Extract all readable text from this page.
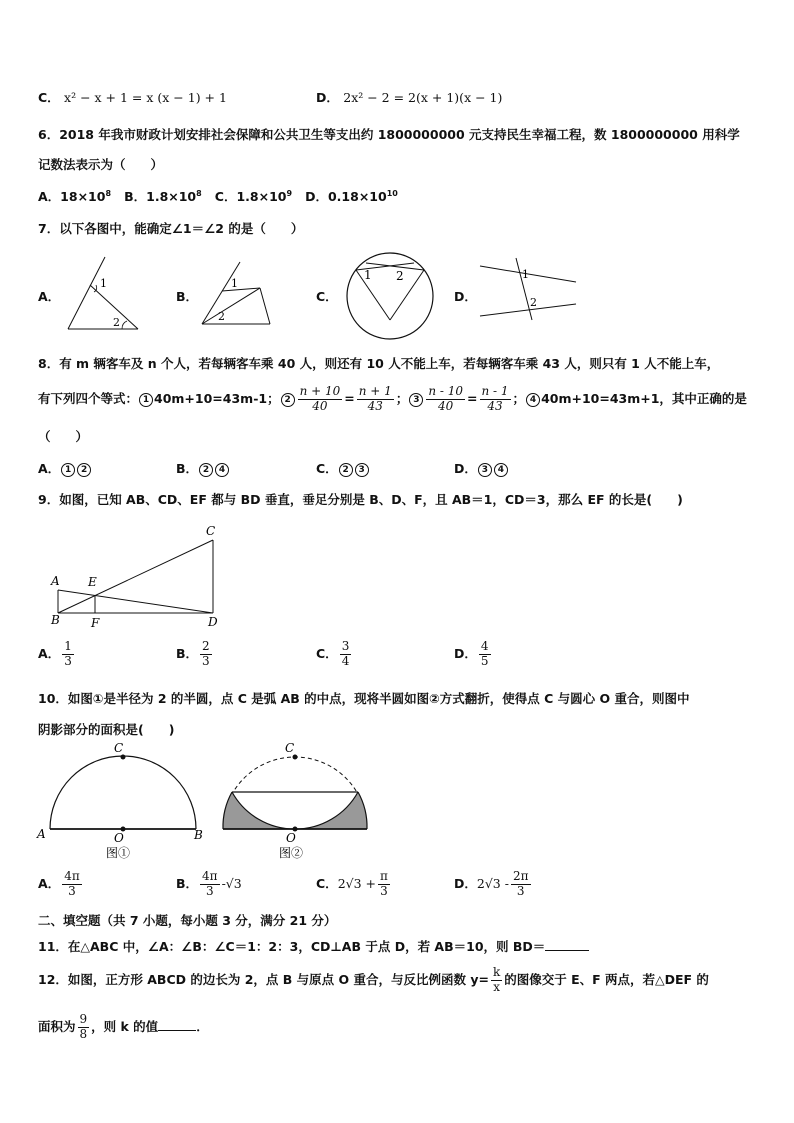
C． x² − x + 1 = x (x − 1) + 1	D． 2x² − 2 = 2(x + 1)(x − 1)
6．2018 年我市财政计划安排社会保障和公共卫生等支出约 1800000000 元支持民生幸福工程，数 1800000000 用科学
记数法表示为（　　）
A．$18\times 10^8$ B．$1.8\times 10^8$ C．$1.8\times 10^9$ D．$0.18\times 10^{10}$
7．以下各图中，能确定∠1＝∠2 的是（　　）
A．	B．	C．	D．
1
2
1
2
1 2	1
2
8．有 m 辆客车及 n 个人，若每辆客车乘 40 人，则还有 10 人不能上车，若每辆客车乘 43 人，则只有 1 人不能上车，
有下列四个等式： 1 40m+10=43m-1； $2 \frac{n + 10}{40} = \frac{n + 1}{43}$ ； $3 \frac{n - 10}{40} = \frac{n - 1}{43}$ ； 4 40m+10=43m+1，其中正确的是
（　　）
A． 1 2	B． 2 4	C． 2 3	D． 3 4
9．如图，已知 AB、CD、EF 都与 BD 垂直，垂足分别是 B、D、F，且 AB＝1，CD＝3，那么 EF 的长是(　　)
A
B
C
D
E
F
A． $\frac{1}{3}$	B． $\frac{2}{3}$	C． $\frac{3}{4}$	D． $\frac{4}{5}$
10．如图①是半径为 2 的半圆，点 C 是弧 AB 的中点，现将半圆如图②方式翻折，使得点 C 与圆心 O 重合，则图中
阴影部分的面积是(　　)
C
A	B
O
图①
C
O
图②
A． $\frac{4\pi}{3}$	B． $\frac{4\pi}{3} -√3$	C．$2√3 + \frac{\pi}{3}$	D．$2√3 - \frac{2\pi}{3}$
二、填空题（共 7 小题，每小题 3 分，满分 21 分）
11．在△ABC 中，∠A：∠B：∠C＝1：2：3，CD⊥AB 于点 D，若 AB＝10，则 BD＝
12．如图，正方形 ABCD 的边长为 2，点 B 与原点 O 重合，与反比例函数 $y= \frac{k}{x}$ 的图像交于 E、F 两点，若△DEF 的
面积为 $\frac{9}{8}$ ，则 k 的值	．
